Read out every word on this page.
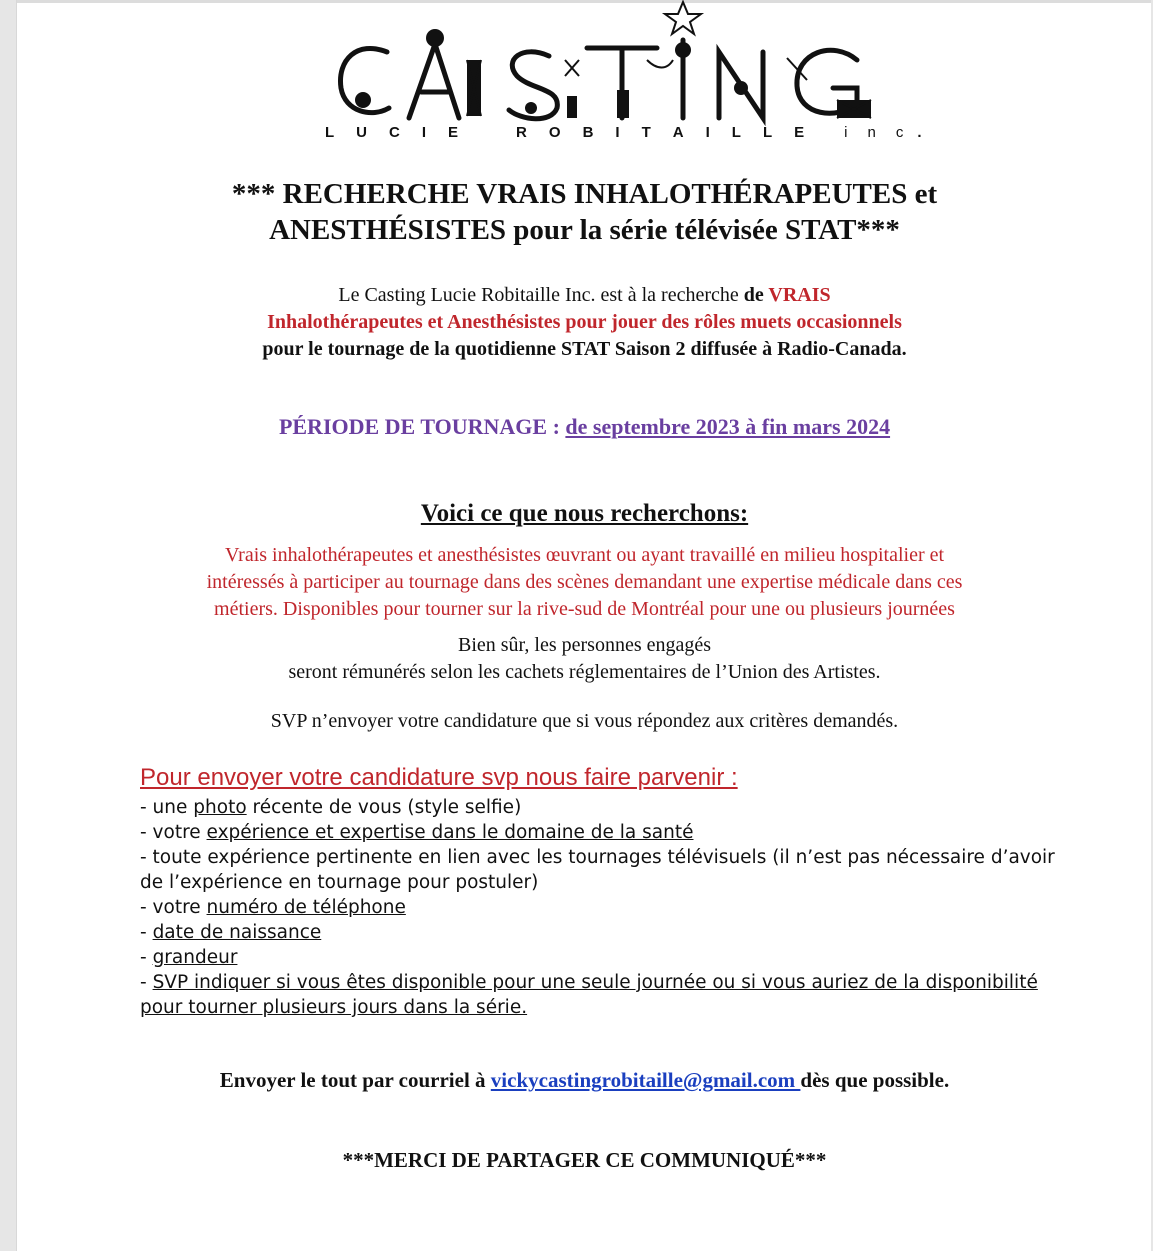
L U C I E	R O B I T A I L L E	i n c .
*** RECHERCHE VRAIS INHALOTHÉRAPEUTES et
ANESTHÉSISTES pour la série télévisée STAT***
Le Casting Lucie Robitaille Inc. est à la recherche de VRAIS
Inhalothérapeutes et Anesthésistes pour jouer des rôles muets occasionnels
pour le tournage de la quotidienne STAT Saison 2 diffusée à Radio-Canada.
PÉRIODE DE TOURNAGE : de septembre 2023 à fin mars 2024
Voici ce que nous recherchons:
Vrais inhalothérapeutes et anesthésistes œuvrant ou ayant travaillé en milieu hospitalier et
intéressés à participer au tournage dans des scènes demandant une expertise médicale dans ces
métiers. Disponibles pour tourner sur la rive-sud de Montréal pour une ou plusieurs journées
Bien sûr, les personnes engagés
seront rémunérés selon les cachets réglementaires de l’Union des Artistes.
SVP n’envoyer votre candidature que si vous répondez aux critères demandés.
Pour envoyer votre candidature svp nous faire parvenir :
- une photo récente de vous (style selfie)
- votre expérience et expertise dans le domaine de la santé
- toute expérience pertinente en lien avec les tournages télévisuels (il n’est pas nécessaire d’avoir de l’expérience en tournage pour postuler)
- votre numéro de téléphone
- date de naissance
- grandeur
- SVP indiquer si vous êtes disponible pour une seule journée ou si vous auriez de la disponibilité pour tourner plusieurs jours dans la série.
Envoyer le tout par courriel à vickycastingrobitaille@gmail.com dès que possible.
***MERCI DE PARTAGER CE COMMUNIQUÉ***
